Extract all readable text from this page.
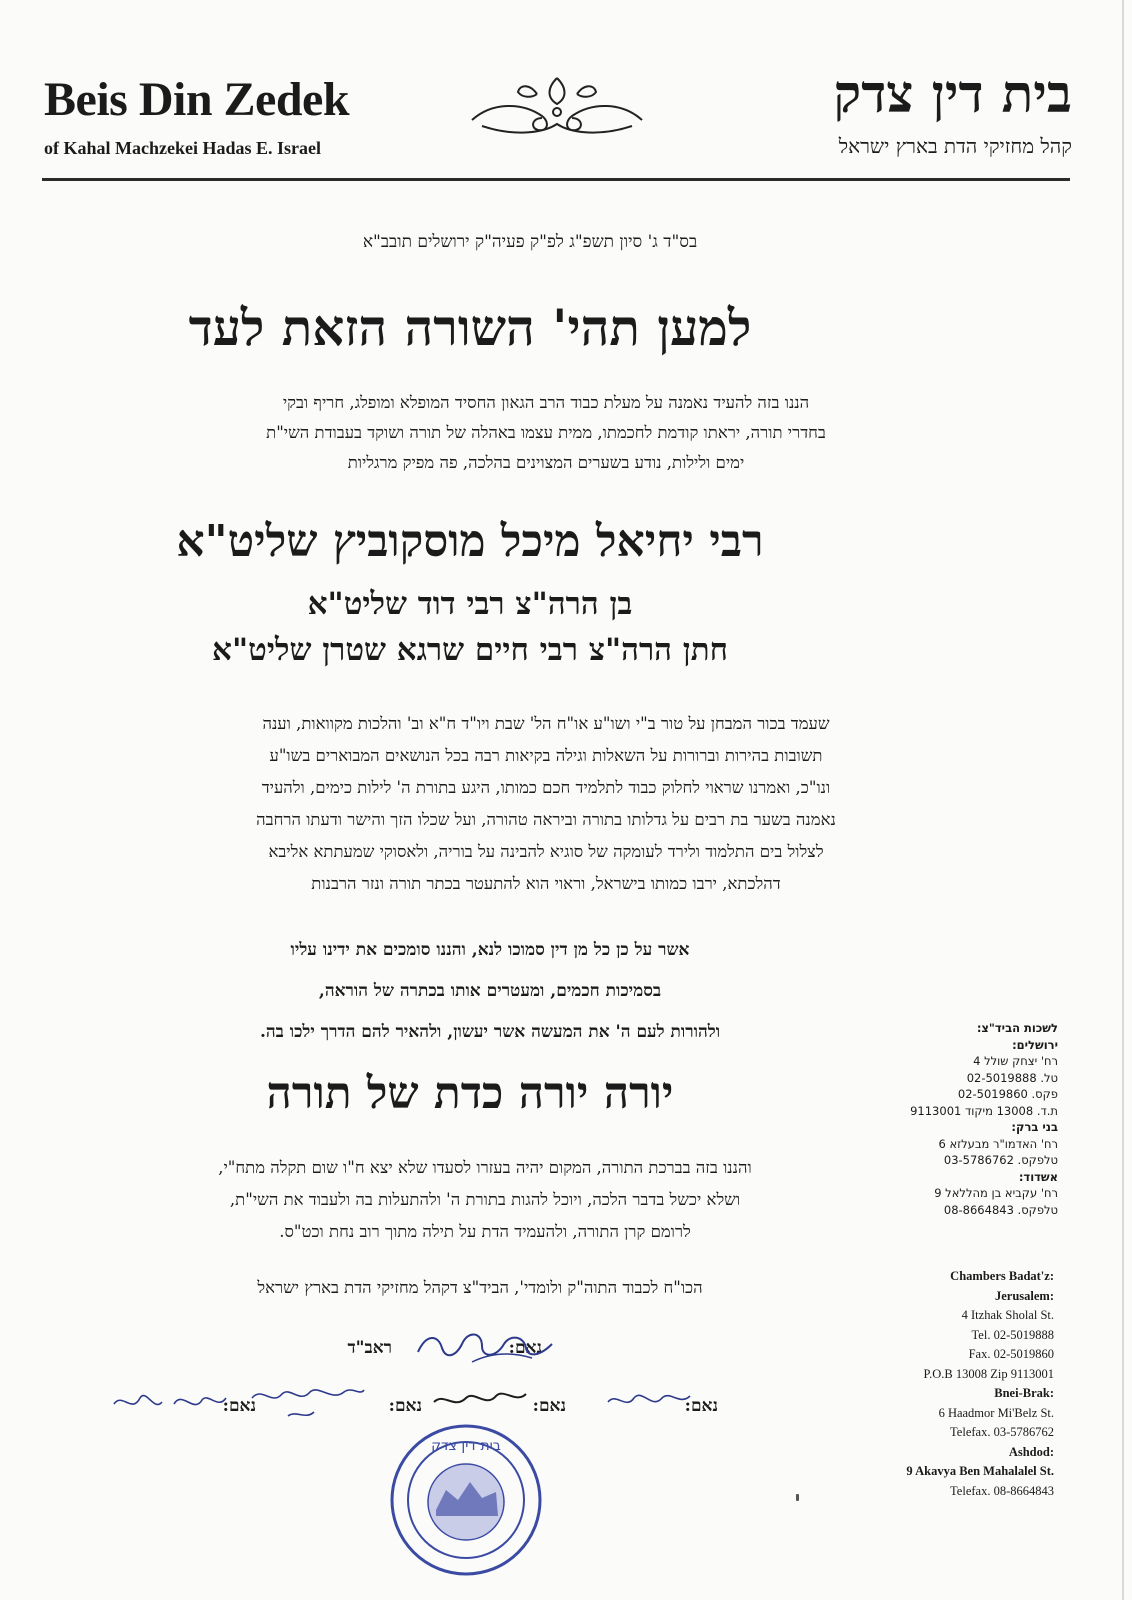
Beis Din Zedek
of Kahal Machzekei Hadas E. Israel
בית דין צדק
קהל מחזיקי הדת בארץ ישראל
בס"ד ג' סיון תשפ"ג לפ"ק פעיה"ק ירושלים תובב"א
למען תהי' השורה הזאת לעד
הננו בזה להעיד נאמנה על מעלת כבוד הרב הגאון החסיד המופלא ומופלג, חריף ובקי
בחדרי תורה, יראתו קודמת לחכמתו, ממית עצמו באהלה של תורה ושוקד בעבודת השי"ת
ימים ולילות, נודע בשערים המצוינים בהלכה, פה מפיק מרגליות
רבי יחיאל מיכל מוסקוביץ שליט"א
בן הרה"צ רבי דוד שליט"א
חתן הרה"צ רבי חיים שרגא שטרן שליט"א
שעמד בכור המבחן על טור ב"י ושו"ע או"ח הל' שבת ויו"ד ח"א וב' והלכות מקוואות, וענה
תשובות בהירות וברורות על השאלות וגילה בקיאות רבה בכל הנושאים המבוארים בשו"ע
ונו"כ, ואמרנו שראוי לחלוק כבוד לתלמיד חכם כמותו, היגע בתורת ה' לילות כימים, ולהעיד
נאמנה בשער בת רבים על גדלותו בתורה וביראה טהורה, ועל שכלו הזך והישר ודעתו הרחבה
לצלול בים התלמוד ולירד לעומקה של סוגיא להבינה על בוריה, ולאסוקי שמעתתא אליבא
דהלכתא, ירבו כמותו בישראל, וראוי הוא להתעטר בכתר תורה ונזר הרבנות
אשר על כן כל מן דין סמוכו לנא, והננו סומכים את ידינו עליו
בסמיכות חכמים, ומעטרים אותו בכתרה של הוראה,
ולהורות לעם ה' את המעשה אשר יעשון, ולהאיר להם הדרך ילכו בה.
יורה יורה כדת של תורה
והננו בזה בברכת התורה, המקום יהיה בעזרו לסעדו שלא יצא ח"ו שום תקלה מתח"י,
ושלא יכשל בדבר הלכה, ויוכל להגות בתורת ה' ולהתעלות בה ולעבוד את השי"ת,
לרומם קרן התורה, ולהעמיד הדת על תילה מתוך רוב נחת וכט"ס.
הכו"ח לכבוד התוה"ק ולומדי', הביד"צ דקהל מחזיקי הדת בארץ ישראל
נאם:
ראב"ד
נאם:
נאם:
נאם:
נאם:
בית דין צדק
לשכות הביד"צ:
ירושלים:
רח' יצחק שולל 4
טל. 02-5019888
פקס. 02-5019860
ת.ד. 13008 מיקוד 9113001
בני ברק:
רח' האדמו"ר מבעלזא 6
טלפקס. 03-5786762
אשדוד:
רח' עקביא בן מהללאל 9
טלפקס. 08-8664843
Chambers Badat'z:
Jerusalem:
4 Itzhak Sholal St.
Tel. 02-5019888
Fax. 02-5019860
P.O.B 13008 Zip 9113001
Bnei-Brak:
6 Haadmor Mi'Belz St.
Telefax. 03-5786762
Ashdod:
9 Akavya Ben Mahalalel St.
Telefax. 08-8664843
